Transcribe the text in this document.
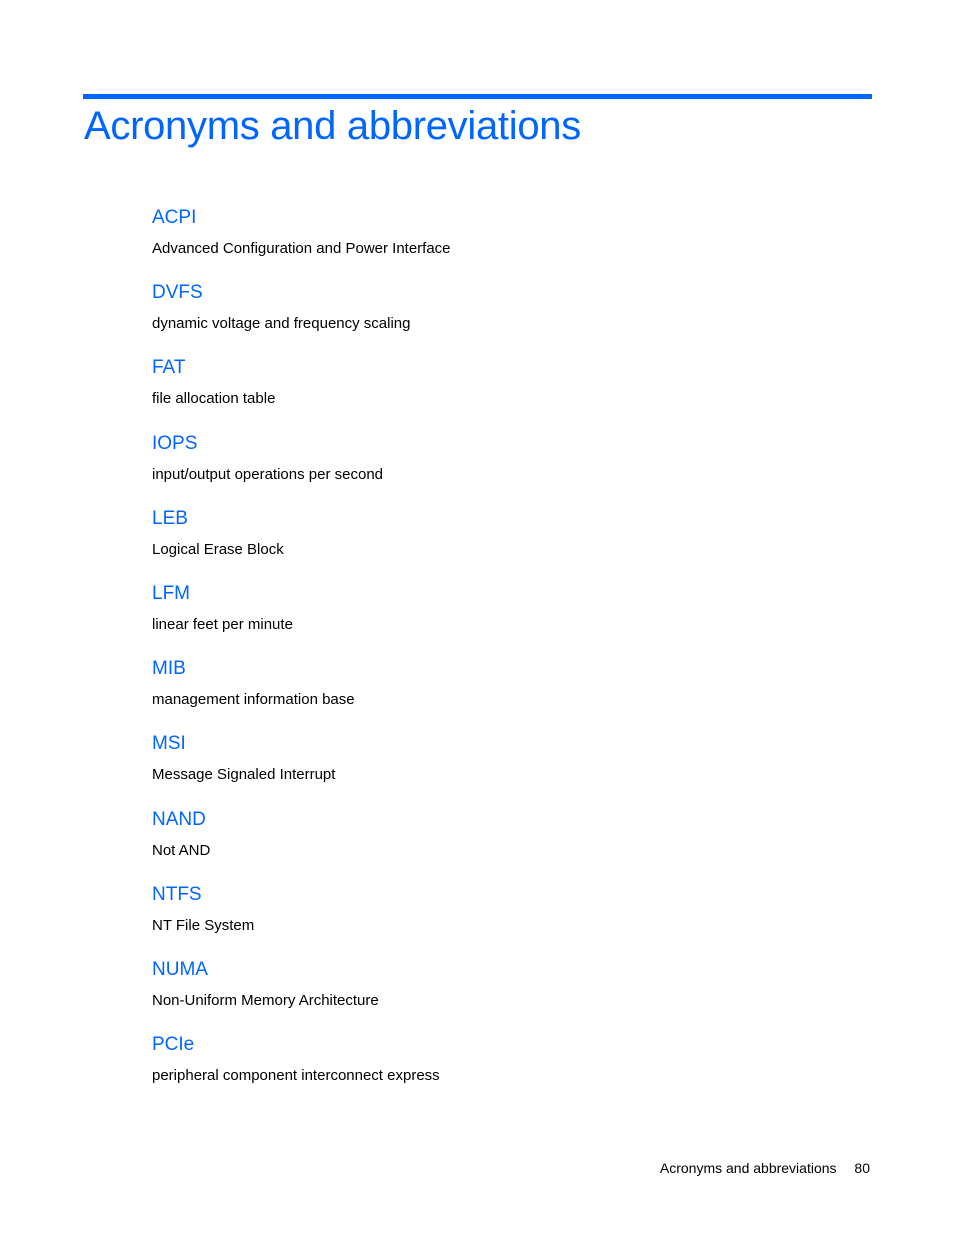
Acronyms and abbreviations
ACPI
Advanced Configuration and Power Interface
DVFS
dynamic voltage and frequency scaling
FAT
file allocation table
IOPS
input/output operations per second
LEB
Logical Erase Block
LFM
linear feet per minute
MIB
management information base
MSI
Message Signaled Interrupt
NAND
Not AND
NTFS
NT File System
NUMA
Non-Uniform Memory Architecture
PCIe
peripheral component interconnect express
Acronyms and abbreviations 80
